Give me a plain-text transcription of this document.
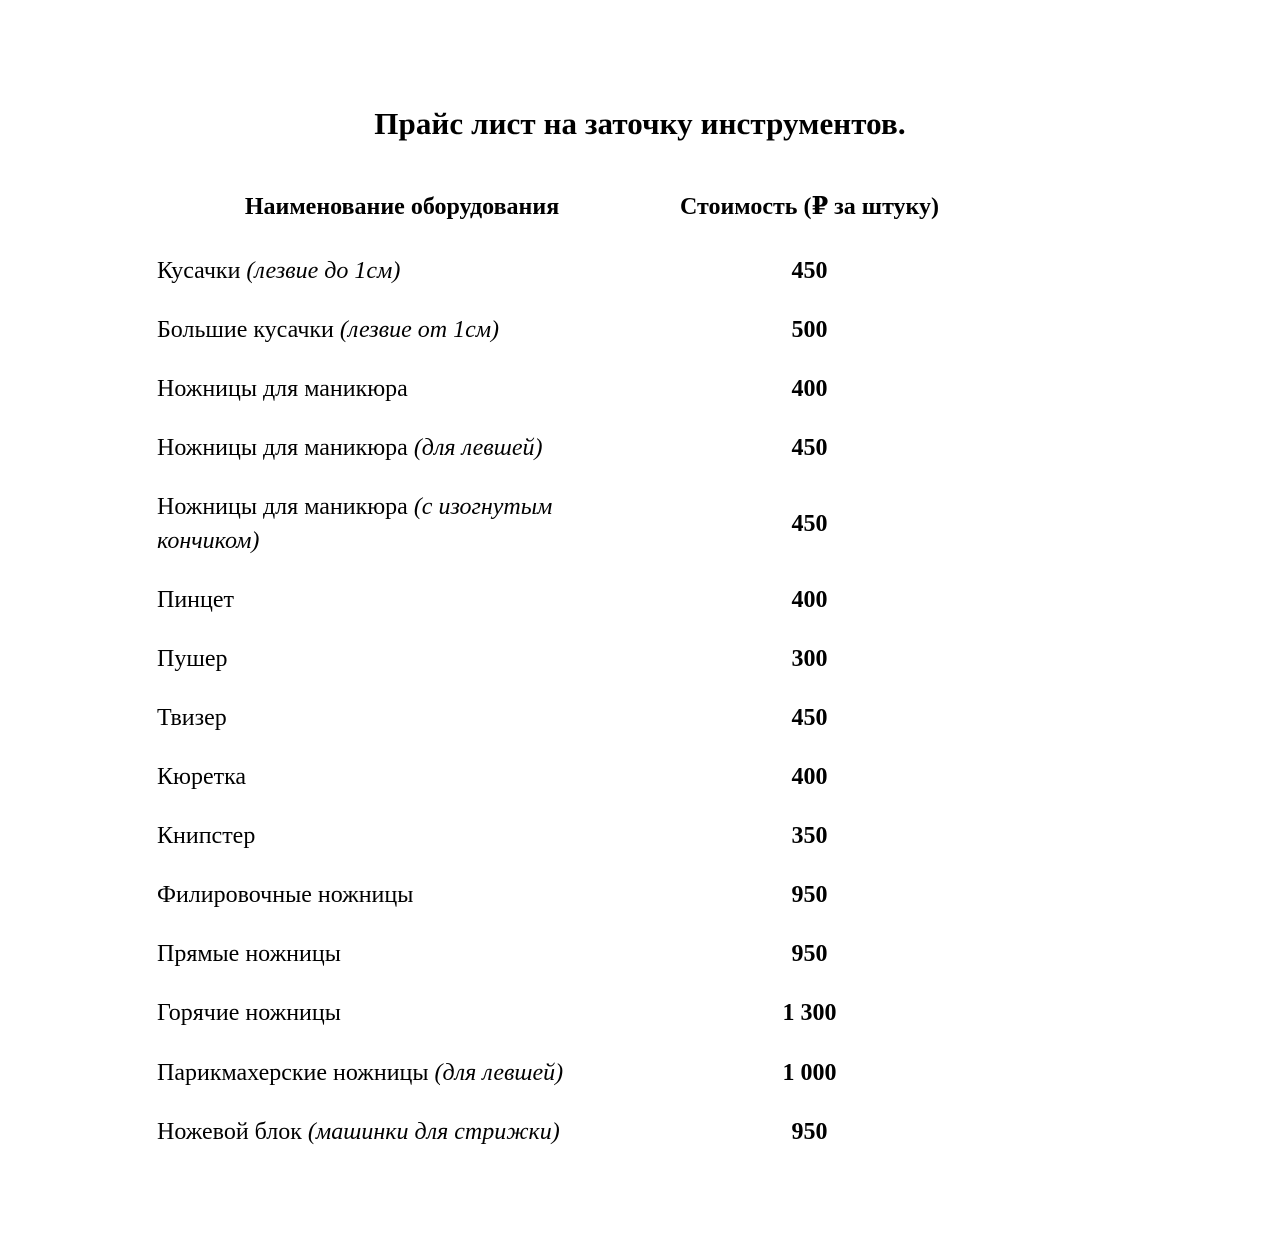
Прайс лист на заточку инструментов.
Наименование оборудования	Стоимость (₽ за штуку)
Кусачки (лезвие до 1см)	450
Большие кусачки (лезвие от 1см)	500
Ножницы для маникюра	400
Ножницы для маникюра (для левшей)	450
Ножницы для маникюра (с изогнутым кончиком)	450
Пинцет	400
Пушер	300
Твизер	450
Кюретка	400
Книпстер	350
Филировочные ножницы	950
Прямые ножницы	950
Горячие ножницы	1 300
Парикмахерские ножницы (для левшей)	1 000
Ножевой блок (машинки для стрижки)	950
